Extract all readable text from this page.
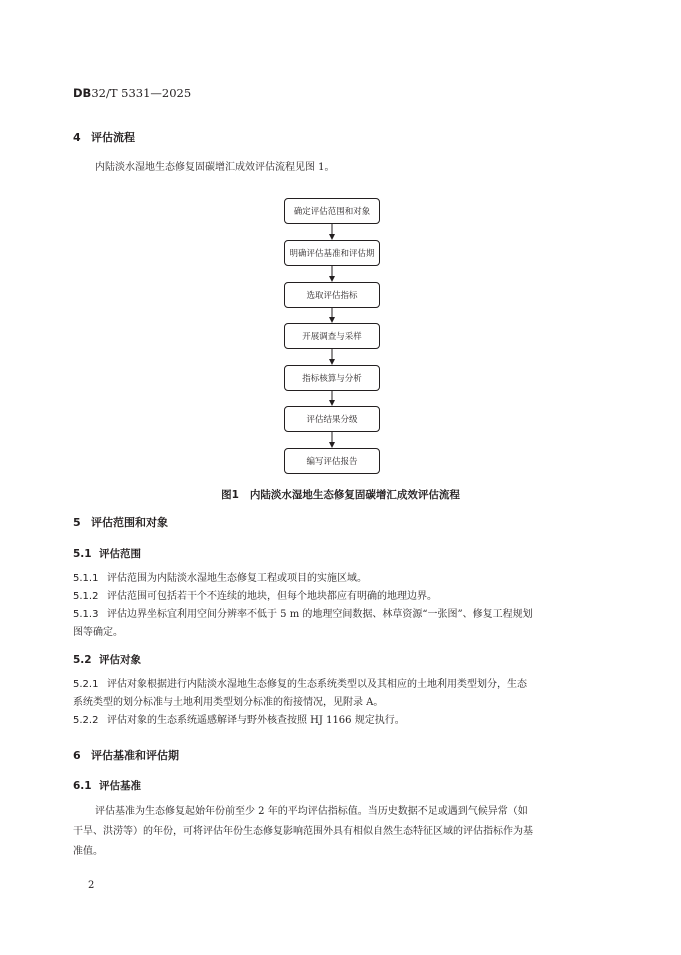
DB32/T 5331—2025
4 评估流程
内陆淡水湿地生态修复固碳增汇成效评估流程见图 1。
确定评估范围和对象
明确评估基准和评估期
选取评估指标
开展调查与采样
指标核算与分析
评估结果分级
编写评估报告
图1 内陆淡水湿地生态修复固碳增汇成效评估流程
5 评估范围和对象
5.1 评估范围
5.1.1 评估范围为内陆淡水湿地生态修复工程或项目的实施区域。
5.1.2 评估范围可包括若干个不连续的地块，但每个地块都应有明确的地理边界。
5.1.3 评估边界坐标宜利用空间分辨率不低于 5 m 的地理空间数据、林草资源“一张图”、修复工程规划
图等确定。
5.2 评估对象
5.2.1 评估对象根据进行内陆淡水湿地生态修复的生态系统类型以及其相应的土地利用类型划分，生态
系统类型的划分标准与土地利用类型划分标准的衔接情况，见附录 A。
5.2.2 评估对象的生态系统遥感解译与野外核查按照 HJ 1166 规定执行。
6 评估基准和评估期
6.1 评估基准
评估基准为生态修复起始年份前至少 2 年的平均评估指标值。当历史数据不足或遇到气候异常（如
干旱、洪涝等）的年份，可将评估年份生态修复影响范围外具有相似自然生态特征区域的评估指标作为基
准值。
2
